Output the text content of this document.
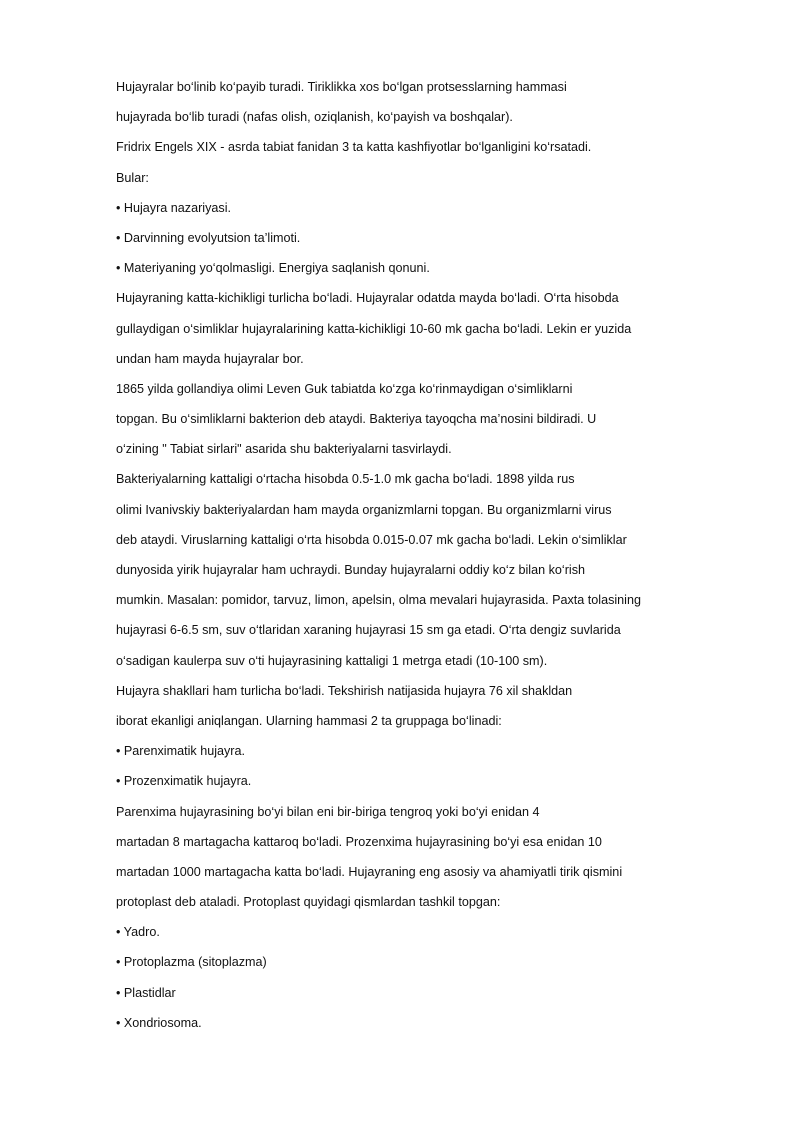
Hujayralar bo‘linib ko‘payib turadi. Tiriklikka xos bo‘lgan protsesslarning hammasi
hujayrada bo‘lib turadi (nafas olish, oziqlanish, ko‘payish va boshqalar).
Fridrix Engels XIX - asrda tabiat fanidan 3 ta katta kashfiyotlar bo‘lganligini ko‘rsatadi.
Bular:
• Hujayra nazariyasi.
• Darvinning evolyutsion ta’limoti.
• Materiyaning yo‘qolmasligi. Energiya saqlanish qonuni.
Hujayraning katta-kichikligi turlicha bo‘ladi. Hujayralar odatda mayda bo‘ladi. O‘rta hisobda
gullaydigan o‘simliklar hujayralarining katta-kichikligi 10-60 mk gacha bo‘ladi. Lekin er yuzida
undan ham mayda hujayralar bor.
1865 yilda gollandiya olimi Leven Guk tabiatda ko‘zga ko‘rinmaydigan o‘simliklarni
topgan. Bu o‘simliklarni bakterion deb ataydi. Bakteriya tayoqcha ma’nosini bildiradi. U
o‘zining " Tabiat sirlari" asarida shu bakteriyalarni tasvirlaydi.
Bakteriyalarning kattaligi o‘rtacha hisobda 0.5-1.0 mk gacha bo‘ladi. 1898 yilda rus
olimi Ivanivskiy bakteriyalardan ham mayda organizmlarni topgan. Bu organizmlarni virus
deb ataydi. Viruslarning kattaligi o‘rta hisobda 0.015-0.07 mk gacha bo‘ladi. Lekin o‘simliklar
dunyosida yirik hujayralar ham uchraydi. Bunday hujayralarni oddiy ko‘z bilan ko‘rish
mumkin. Masalan: pomidor, tarvuz, limon, apelsin, olma mevalari hujayrasida. Paxta tolasining
hujayrasi 6-6.5 sm, suv o‘tlaridan xaraning hujayrasi 15 sm ga etadi. O‘rta dengiz suvlarida
o‘sadigan kaulerpa suv o‘ti hujayrasining kattaligi 1 metrga etadi (10-100 sm).
Hujayra shakllari ham turlicha bo‘ladi. Tekshirish natijasida hujayra 76 xil shakldan
iborat ekanligi aniqlangan. Ularning hammasi 2 ta gruppaga bo‘linadi:
• Parenximatik hujayra.
• Prozenximatik hujayra.
Parenxima hujayrasining bo‘yi bilan eni bir-biriga tengroq yoki bo‘yi enidan 4
martadan 8 martagacha kattaroq bo‘ladi. Prozenxima hujayrasining bo‘yi esa enidan 10
martadan 1000 martagacha katta bo‘ladi. Hujayraning eng asosiy va ahamiyatli tirik qismini
protoplast deb ataladi. Protoplast quyidagi qismlardan tashkil topgan:
• Yadro.
• Protoplazma (sitoplazma)
• Plastidlar
• Xondriosoma.
